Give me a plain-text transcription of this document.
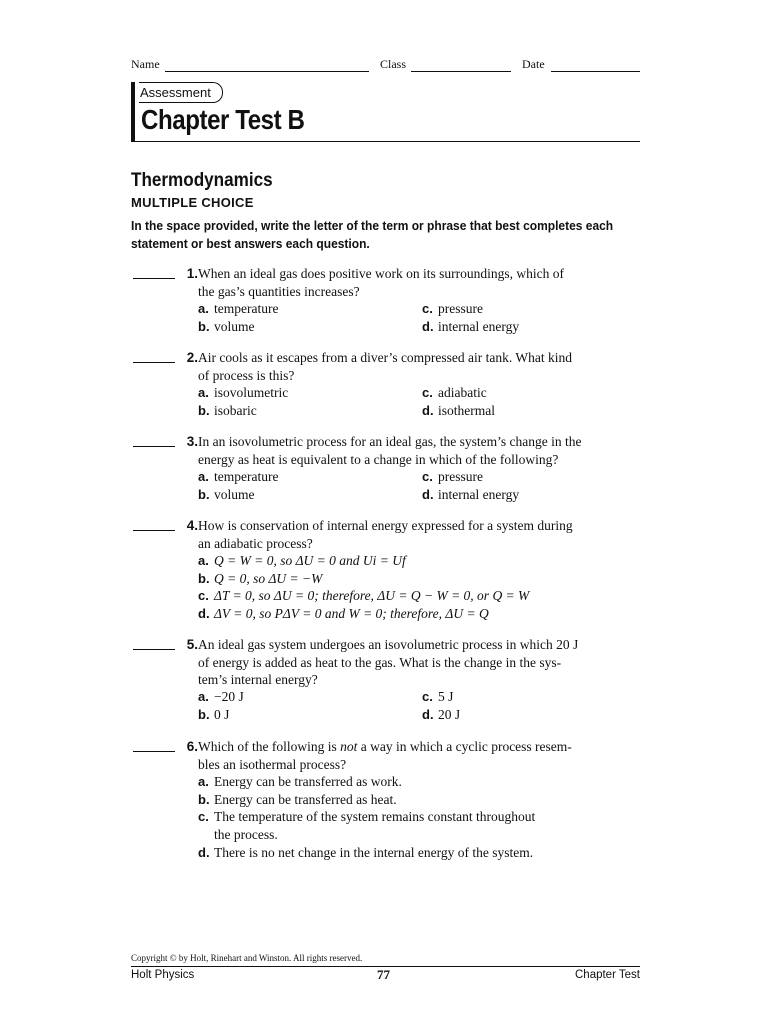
Name	Class	Date
Assessment
Chapter Test B
Thermodynamics
MULTIPLE CHOICE
In the space provided, write the letter of the term or phrase that best completes each statement or best answers each question.
1. When an ideal gas does positive work on its surroundings, which of
the gas’s quantities increases?
a. temperature
b. volume
c. pressure
d. internal energy
2. Air cools as it escapes from a diver’s compressed air tank. What kind
of process is this?
a. isovolumetric
b. isobaric
c. adiabatic
d. isothermal
3. In an isovolumetric process for an ideal gas, the system’s change in the
energy as heat is equivalent to a change in which of the following?
a. temperature
b. volume
c. pressure
d. internal energy
4. How is conservation of internal energy expressed for a system during
an adiabatic process?
a. Q = W = 0, so ΔU = 0 and Ui = Uf
b. Q = 0, so ΔU = −W
c. ΔT = 0, so ΔU = 0; therefore, ΔU = Q − W = 0, or Q = W
d. ΔV = 0, so PΔV = 0 and W = 0; therefore, ΔU = Q
5. An ideal gas system undergoes an isovolumetric process in which 20 J
of energy is added as heat to the gas. What is the change in the sys-
tem’s internal energy?
a. −20 J
b. 0 J
c. 5 J
d. 20 J
6. Which of the following is not a way in which a cyclic process resem-
bles an isothermal process?
a. Energy can be transferred as work.
b. Energy can be transferred as heat.
c. The temperature of the system remains constant throughout
the process.
d. There is no net change in the internal energy of the system.
Copyright © by Holt, Rinehart and Winston. All rights reserved.
Holt Physics	77	Chapter Test
